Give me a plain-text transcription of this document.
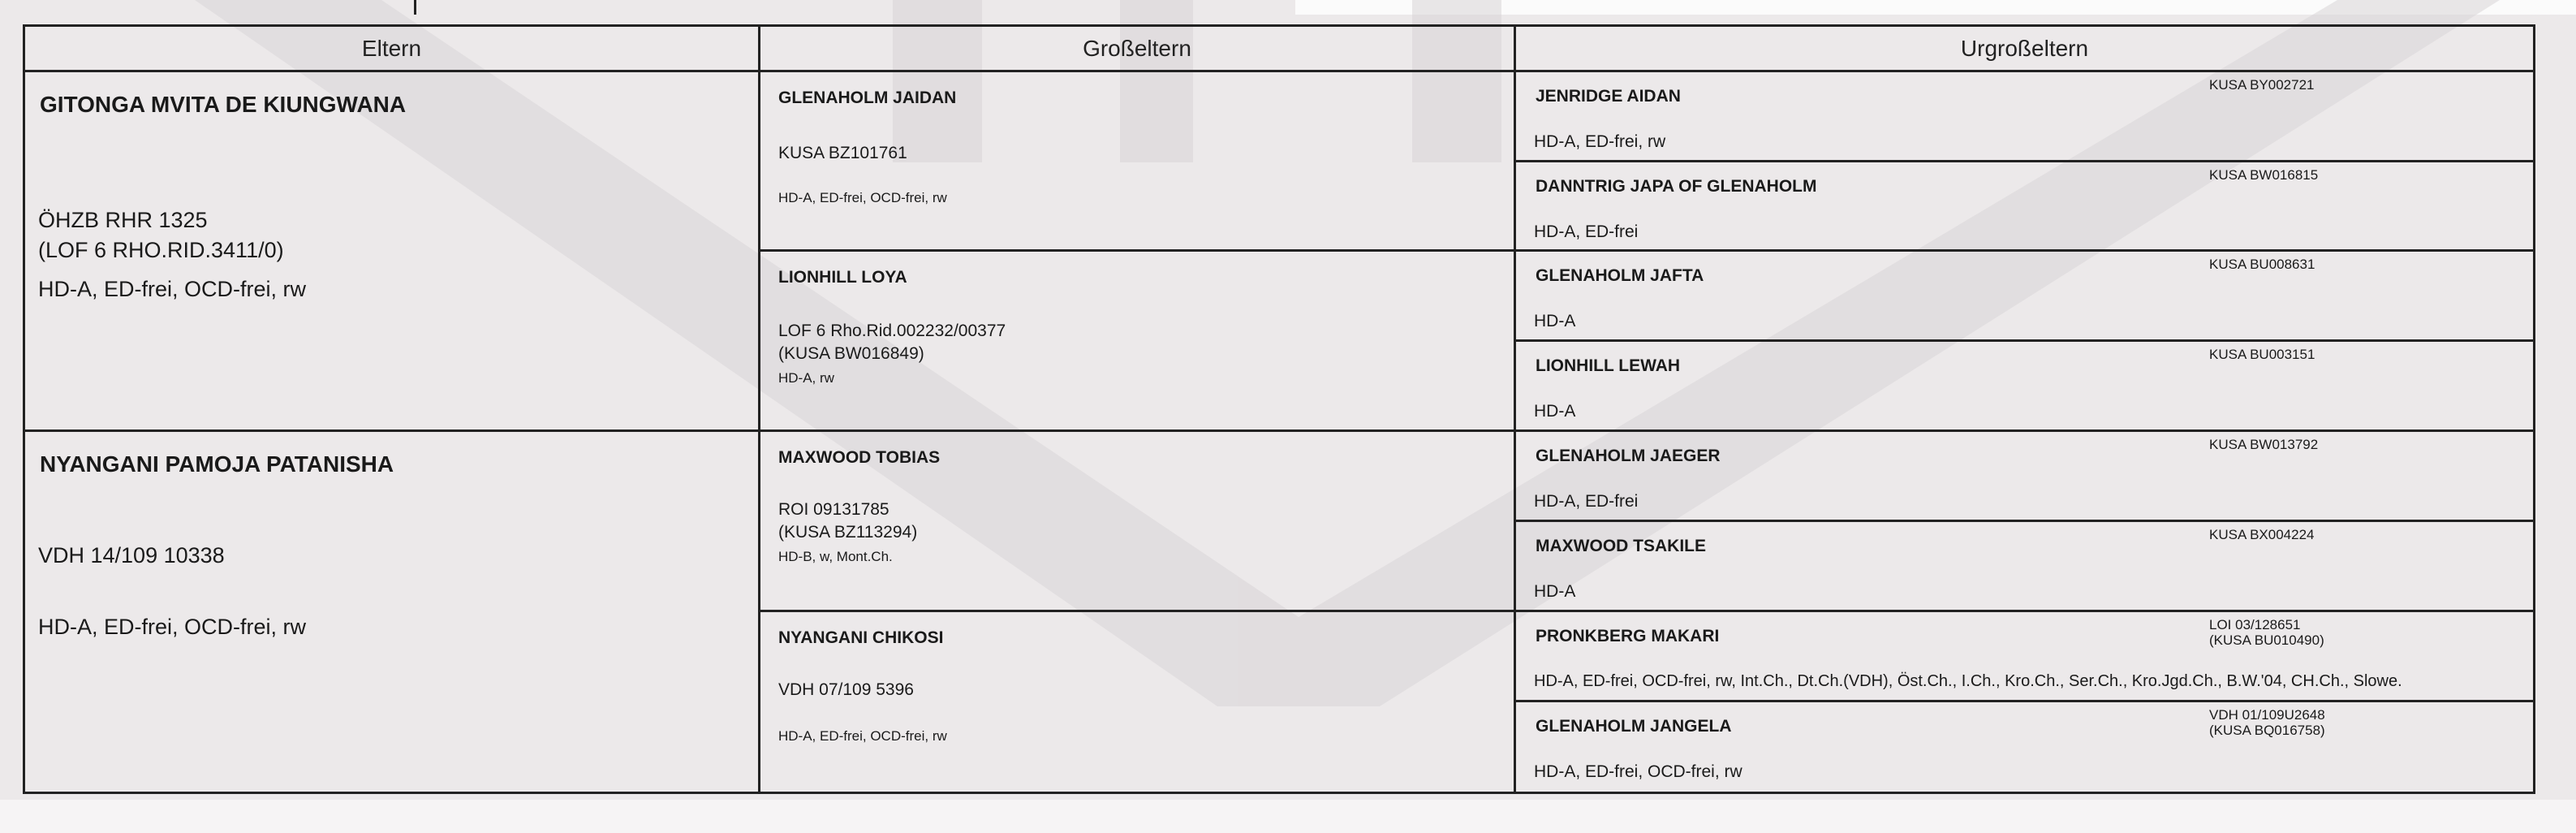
Eltern	Großeltern	Urgroßeltern
GITONGA MVITA DE KIUNGWANA
ÖHZB RHR 1325
(LOF 6 RHO.RID.3411/0)
HD-A, ED-frei, OCD-frei, rw
NYANGANI PAMOJA PATANISHA
VDH 14/109 10338
HD-A, ED-frei, OCD-frei, rw
GLENAHOLM JAIDAN
KUSA BZ101761
HD-A, ED-frei, OCD-frei, rw
LIONHILL LOYA
LOF 6 Rho.Rid.002232/00377
(KUSA BW016849)
HD-A, rw
MAXWOOD TOBIAS
ROI 09131785
(KUSA BZ113294)
HD-B, w, Mont.Ch.
NYANGANI CHIKOSI
VDH 07/109 5396
HD-A, ED-frei, OCD-frei, rw
JENRIDGE AIDAN
KUSA BY002721
HD-A, ED-frei, rw
DANNTRIG JAPA OF GLENAHOLM
KUSA BW016815
HD-A, ED-frei
GLENAHOLM JAFTA
KUSA BU008631
HD-A
LIONHILL LEWAH
KUSA BU003151
HD-A
GLENAHOLM JAEGER
KUSA BW013792
HD-A, ED-frei
MAXWOOD TSAKILE
KUSA BX004224
HD-A
PRONKBERG MAKARI
LOI 03/128651
(KUSA BU010490)
HD-A, ED-frei, OCD-frei, rw, Int.Ch., Dt.Ch.(VDH), Öst.Ch., I.Ch., Kro.Ch., Ser.Ch., Kro.Jgd.Ch., B.W.'04, CH.Ch., Slowe.
GLENAHOLM JANGELA
VDH 01/109U2648
(KUSA BQ016758)
HD-A, ED-frei, OCD-frei, rw
